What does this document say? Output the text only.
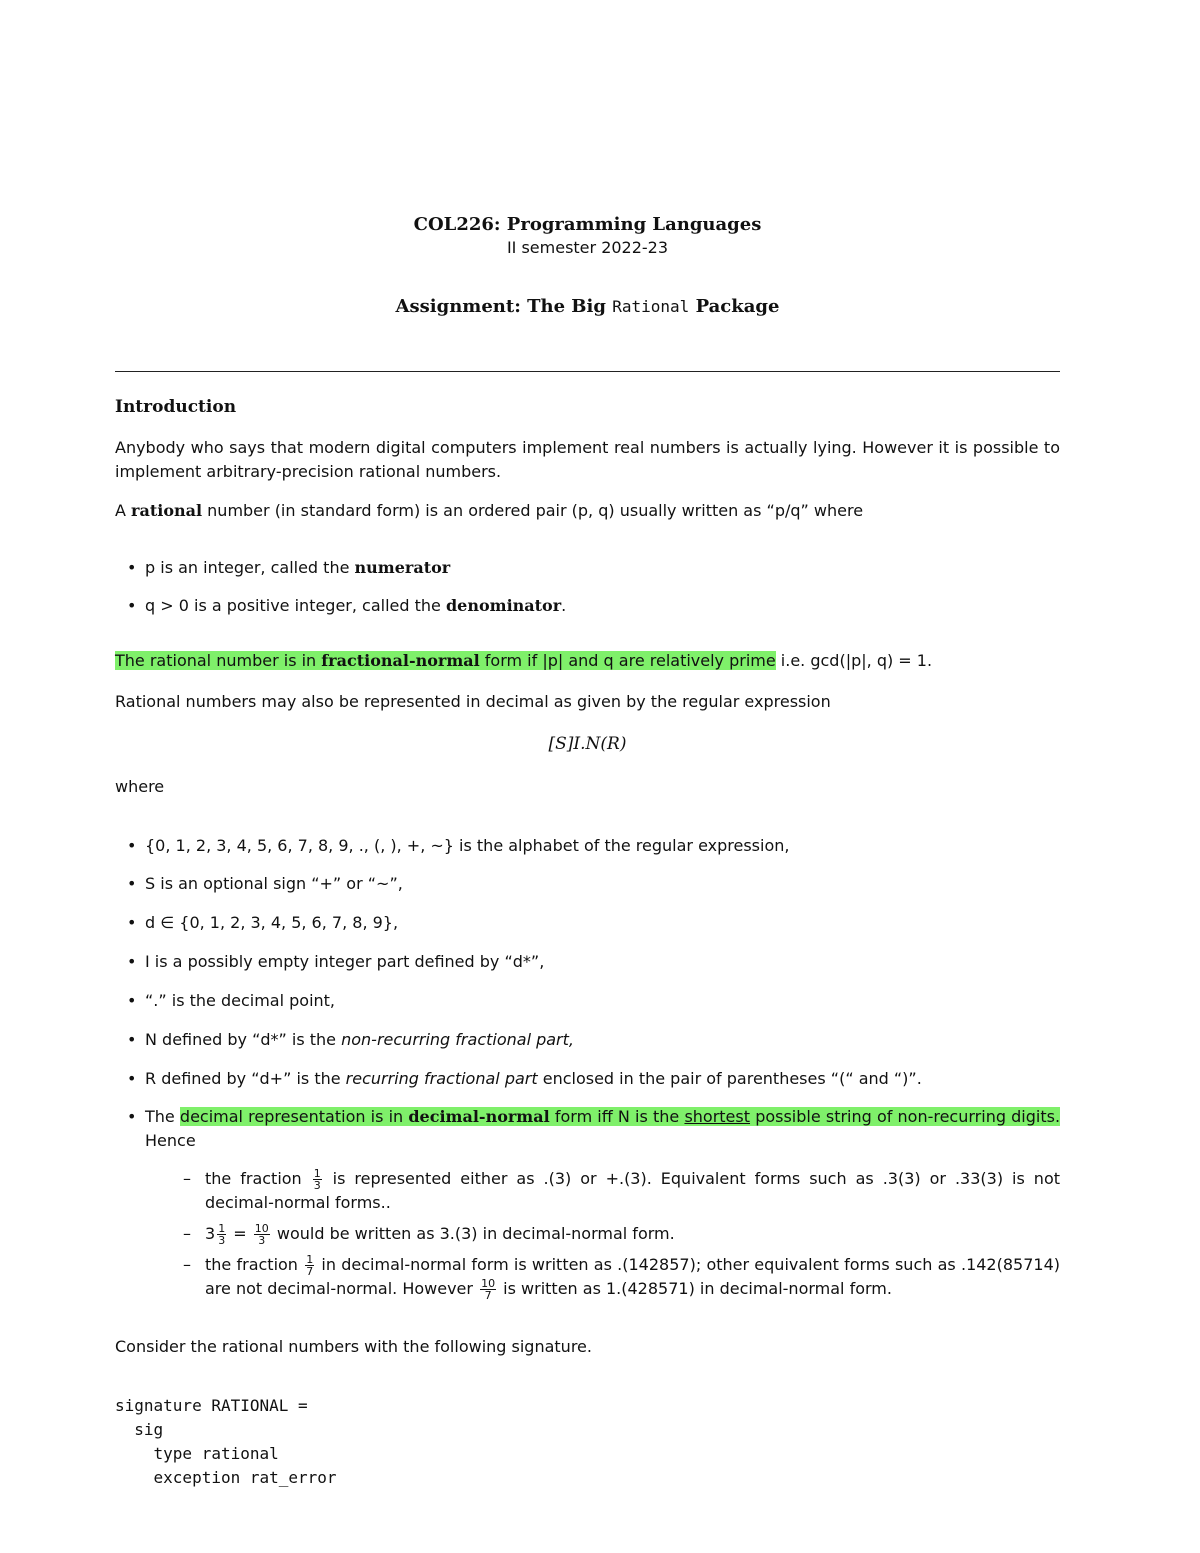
COL226: Programming Languages
II semester 2022-23
Assignment: The Big Rational Package
Introduction
Anybody who says that modern digital computers implement real numbers is actually lying. However it is possible to implement arbitrary-precision rational numbers.
A rational number (in standard form) is an ordered pair (p, q) usually written as “p/q” where
• p is an integer, called the numerator
• q > 0 is a positive integer, called the denominator.
The rational number is in fractional-normal form if |p| and q are relatively prime i.e. gcd(|p|, q) = 1.
Rational numbers may also be represented in decimal as given by the regular expression
[S]I.N(R)
where
• {0, 1, 2, 3, 4, 5, 6, 7, 8, 9, ., (, ), +, ~} is the alphabet of the regular expression,
• S is an optional sign “+” or “~”,
• d ∈ {0, 1, 2, 3, 4, 5, 6, 7, 8, 9},
• I is a possibly empty integer part defined by “d*”,
• “.” is the decimal point,
• N defined by “d*” is the non-recurring fractional part,
• R defined by “d+” is the recurring fractional part enclosed in the pair of parentheses “(“ and “)”.
• The decimal representation is in decimal-normal form iff N is the shortest possible string of non-recurring digits. Hence
– the fraction $\frac{1}{3}$ is represented either as .(3) or +.(3). Equivalent forms such as .3(3) or .33(3) is not decimal-normal forms..
– $3 \frac{1}{3} = \frac{10}{3}$ would be written as 3.(3) in decimal-normal form.
– the fraction $\frac{1}{7}$ in decimal-normal form is written as .(142857); other equivalent forms such as .142(85714) are not decimal-normal. However $\frac{10}{7}$ is written as 1.(428571) in decimal-normal form.
Consider the rational numbers with the following signature.
signature RATIONAL =
sig
type rational
exception rat_error
